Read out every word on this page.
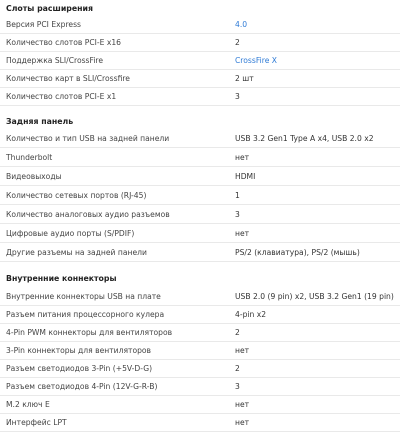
Слоты расширения
Версия PCI Express	4.0
Количество слотов PCI-E x16	2
Поддержка SLI/CrossFire	CrossFire X
Количество карт в SLI/Crossfire	2 шт
Количество слотов PCI-E x1	3
Задняя панель
Количество и тип USB на задней панели	USB 3.2 Gen1 Type A x4, USB 2.0 x2
Thunderbolt	нет
Видеовыходы	HDMI
Количество сетевых портов (RJ-45)	1
Количество аналоговых аудио разъемов	3
Цифровые аудио порты (S/PDIF)	нет
Другие разъемы на задней панели	PS/2 (клавиатура), PS/2 (мышь)
Внутренние коннекторы
Внутренние коннекторы USB на плате	USB 2.0 (9 pin) x2, USB 3.2 Gen1 (19 pin)
Разъем питания процессорного кулера	4-pin x2
4-Pin PWM коннекторы для вентиляторов	2
3-Pin коннекторы для вентиляторов	нет
Разъем светодиодов 3-Pin (+5V-D-G)	2
Разъем светодиодов 4-Pin (12V-G-R-B)	3
M.2 ключ E	нет
Интерфейс LPT	нет
